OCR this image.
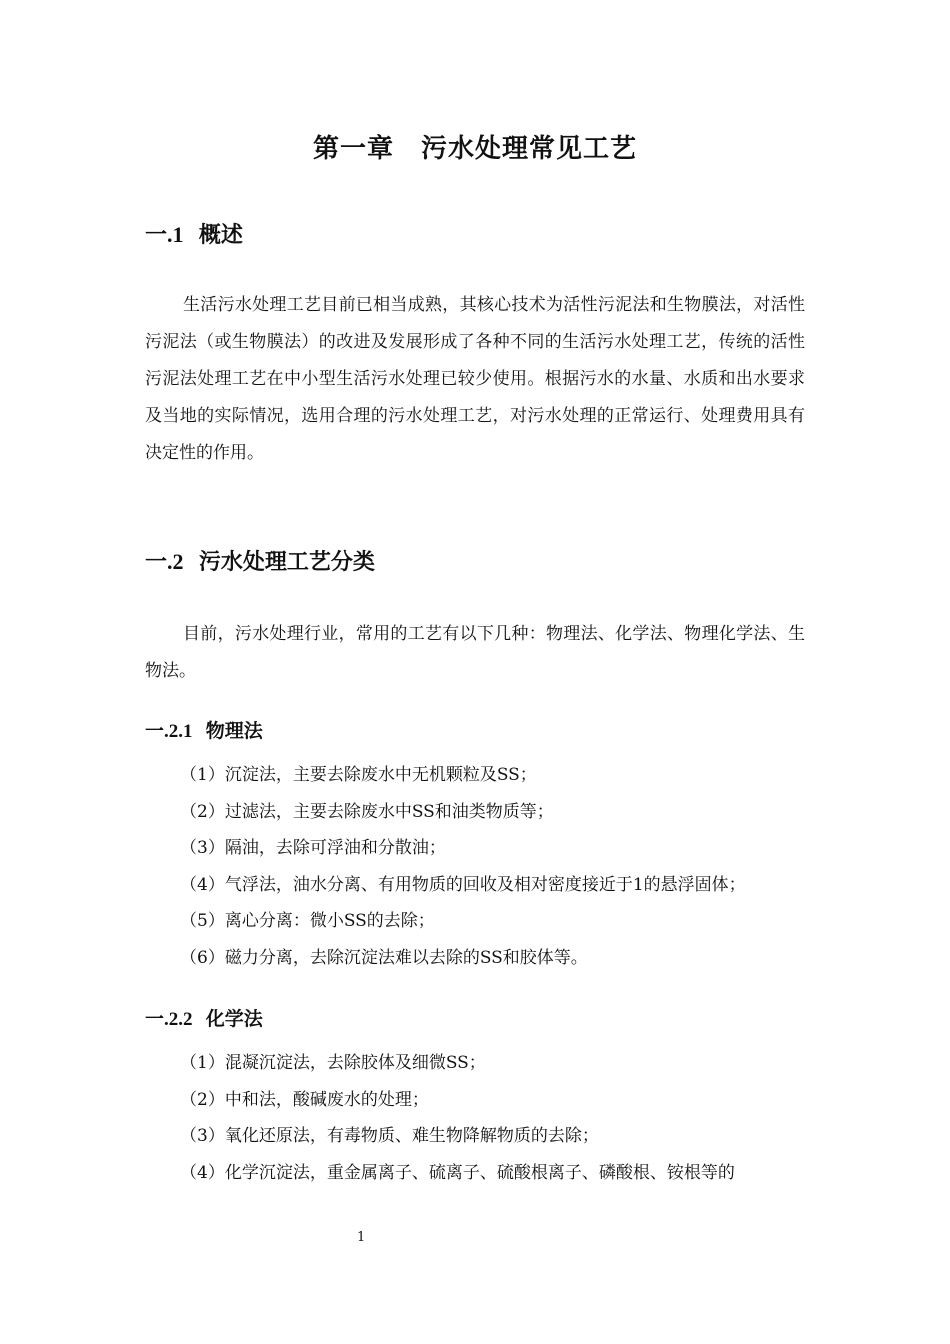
第一章　污水处理常见工艺
一.1 概述

生活污水处理工艺目前已相当成熟，其核心技术为活性污泥法和生物膜法，对活性污泥法（或生物膜法）的改进及发展形成了各种不同的生活污水处理工艺，传统的活性污泥法处理工艺在中小型生活污水处理已较少使用。根据污水的水量、水质和出水要求及当地的实际情况，选用合理的污水处理工艺，对污水处理的正常运行、处理费用具有决定性的作用。

一.2 污水处理工艺分类

目前，污水处理行业，常用的工艺有以下几种：物理法、化学法、物理化学法、生物法。

一.2.1 物理法
（1）沉淀法，主要去除废水中无机颗粒及SS；
（2）过滤法，主要去除废水中SS和油类物质等；
（3）隔油，去除可浮油和分散油；
（4）气浮法，油水分离、有用物质的回收及相对密度接近于1的悬浮固体；
（5）离心分离：微小SS的去除；
（6）磁力分离，去除沉淀法难以去除的SS和胶体等。
一.2.2 化学法
（1）混凝沉淀法，去除胶体及细微SS；
（2）中和法，酸碱废水的处理；
（3）氧化还原法，有毒物质、难生物降解物质的去除；
（4）化学沉淀法，重金属离子、硫离子、硫酸根离子、磷酸根、铵根等的
1
